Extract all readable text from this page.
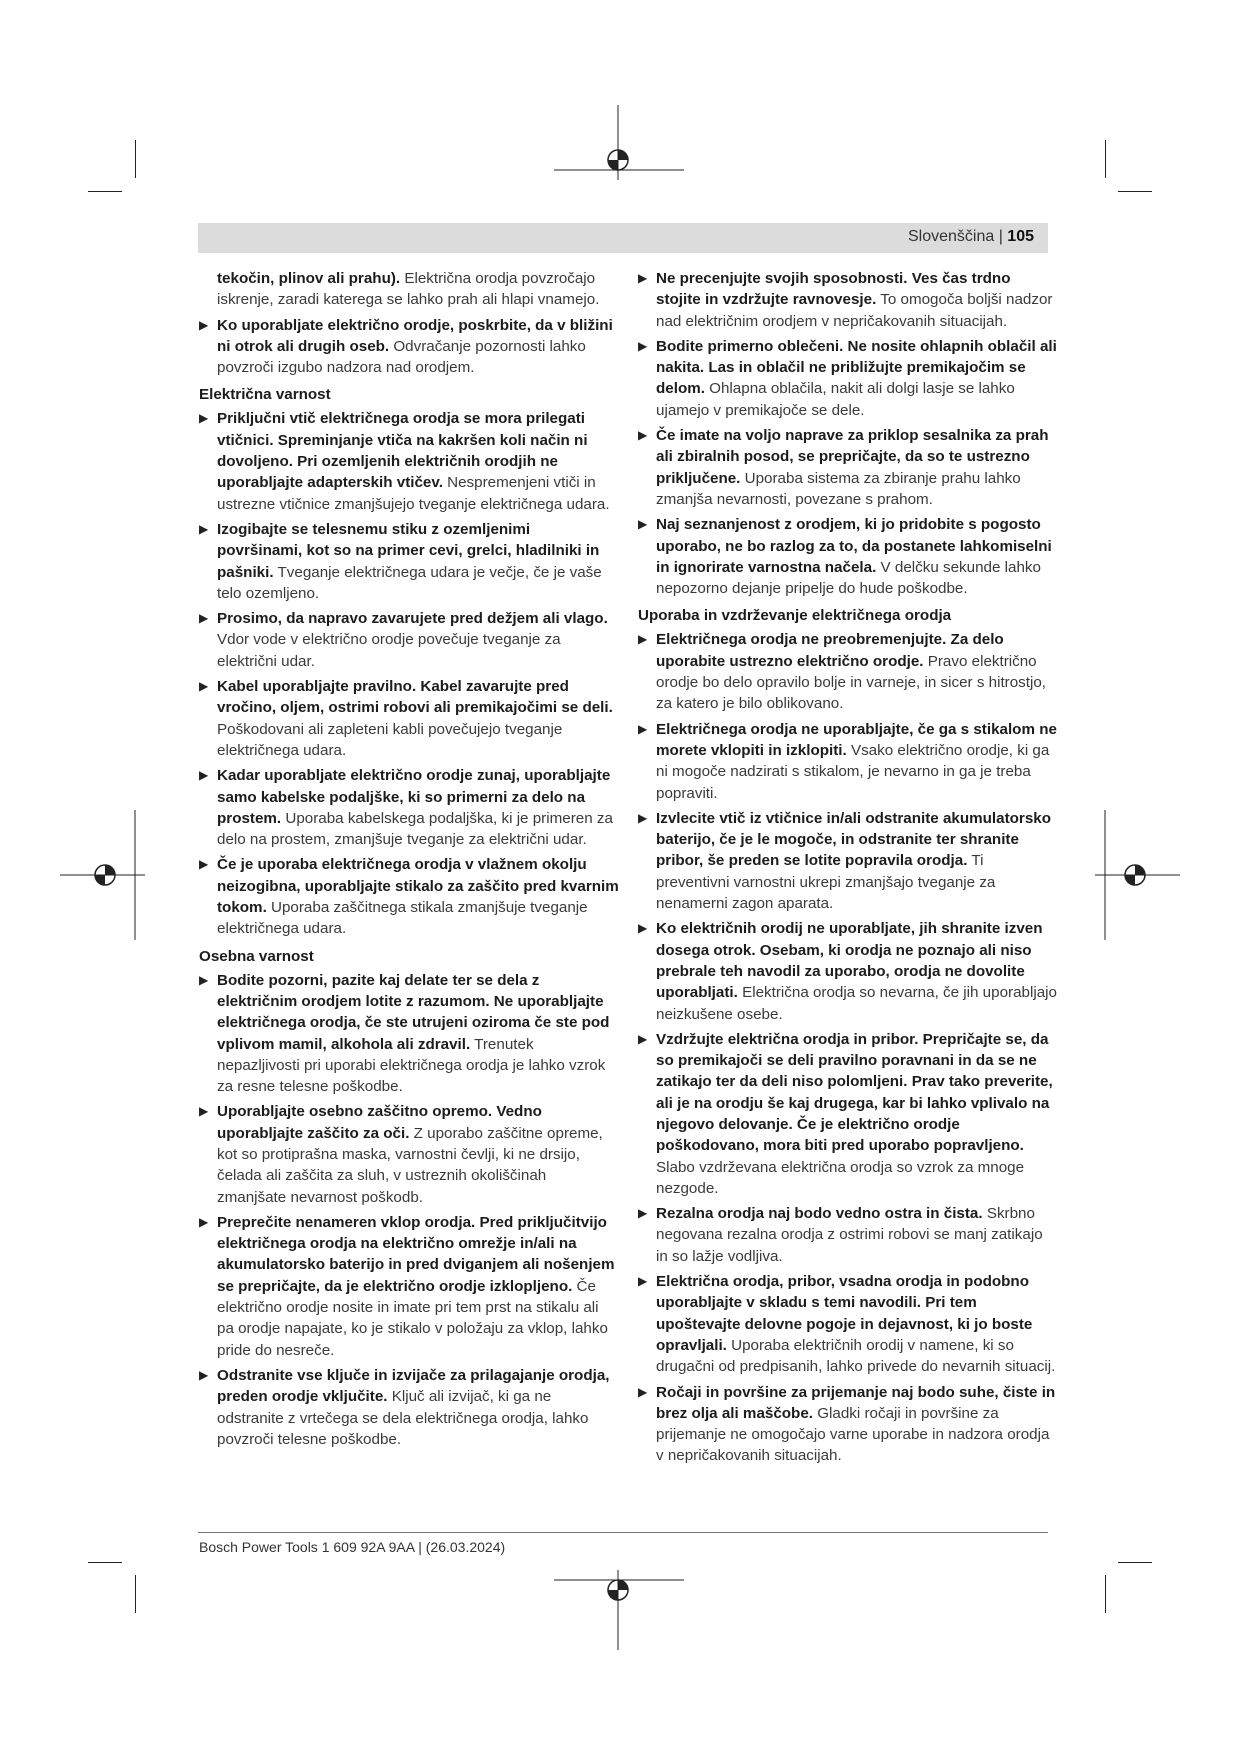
Slovenščina | 105

tekočin, plinov ali prahu). Električna orodja povzročajo iskrenje, zaradi katerega se lahko prah ali hlapi vnamejo.

▶ Ko uporabljate električno orodje, poskrbite, da v bližini ni otrok ali drugih oseb. Odvračanje pozornosti lahko povzroči izgubo nadzora nad orodjem.
Električna varnost
▶ Priključni vtič električnega orodja se mora prilegati vtičnici. Spreminjanje vtiča na kakršen koli način ni dovoljeno. Pri ozemljenih električnih orodjih ne uporabljajte adapterskih vtičev. Nespremenjeni vtiči in ustrezne vtičnice zmanjšujejo tveganje električnega udara.
▶ Izogibajte se telesnemu stiku z ozemljenimi površinami, kot so na primer cevi, grelci, hladilniki in pašniki. Tveganje električnega udara je večje, če je vaše telo ozemljeno.
▶ Prosimo, da napravo zavarujete pred dežjem ali vlago. Vdor vode v električno orodje povečuje tveganje za električni udar.
▶ Kabel uporabljajte pravilno. Kabel zavarujte pred vročino, oljem, ostrimi robovi ali premikajočimi se deli. Poškodovani ali zapleteni kabli povečujejo tveganje električnega udara.
▶ Kadar uporabljate električno orodje zunaj, uporabljajte samo kabelske podaljške, ki so primerni za delo na prostem. Uporaba kabelskega podaljška, ki je primeren za delo na prostem, zmanjšuje tveganje za električni udar.
▶ Če je uporaba električnega orodja v vlažnem okolju neizogibna, uporabljajte stikalo za zaščito pred kvarnim tokom. Uporaba zaščitnega stikala zmanjšuje tveganje električnega udara.
Osebna varnost
▶ Bodite pozorni, pazite kaj delate ter se dela z električnim orodjem lotite z razumom. Ne uporabljajte električnega orodja, če ste utrujeni oziroma če ste pod vplivom mamil, alkohola ali zdravil. Trenutek nepazljivosti pri uporabi električnega orodja je lahko vzrok za resne telesne poškodbe.
▶ Uporabljajte osebno zaščitno opremo. Vedno uporabljajte zaščito za oči. Z uporabo zaščitne opreme, kot so protiprašna maska, varnostni čevlji, ki ne drsijo, čelada ali zaščita za sluh, v ustreznih okoliščinah zmanjšate nevarnost poškodb.
▶ Preprečite nenameren vklop orodja. Pred priključitvijo električnega orodja na električno omrežje in/ali na akumulatorsko baterijo in pred dviganjem ali nošenjem se prepričajte, da je električno orodje izklopljeno. Če električno orodje nosite in imate pri tem prst na stikalu ali pa orodje napajate, ko je stikalo v položaju za vklop, lahko pride do nesreče.
▶ Odstranite vse ključe in izvijače za prilagajanje orodja, preden orodje vključite. Ključ ali izvijač, ki ga ne odstranite z vrtečega se dela električnega orodja, lahko povzroči telesne poškodbe.
▶ Ne precenjujte svojih sposobnosti. Ves čas trdno stojite in vzdržujte ravnovesje. To omogoča boljši nadzor nad električnim orodjem v nepričakovanih situacijah.
▶ Bodite primerno oblečeni. Ne nosite ohlapnih oblačil ali nakita. Las in oblačil ne približujte premikajočim se delom. Ohlapna oblačila, nakit ali dolgi lasje se lahko ujamejo v premikajoče se dele.
▶ Če imate na voljo naprave za priklop sesalnika za prah ali zbiralnih posod, se prepričajte, da so te ustrezno priključene. Uporaba sistema za zbiranje prahu lahko zmanjša nevarnosti, povezane s prahom.
▶ Naj seznanjenost z orodjem, ki jo pridobite s pogosto uporabo, ne bo razlog za to, da postanete lahkomiselni in ignorirate varnostna načela. V delčku sekunde lahko nepozorno dejanje pripelje do hude poškodbe.
Uporaba in vzdrževanje električnega orodja
▶ Električnega orodja ne preobremenjujte. Za delo uporabite ustrezno električno orodje. Pravo električno orodje bo delo opravilo bolje in varneje, in sicer s hitrostjo, za katero je bilo oblikovano.
▶ Električnega orodja ne uporabljajte, če ga s stikalom ne morete vklopiti in izklopiti. Vsako električno orodje, ki ga ni mogoče nadzirati s stikalom, je nevarno in ga je treba popraviti.
▶ Izvlecite vtič iz vtičnice in/ali odstranite akumulatorsko baterijo, če je le mogoče, in odstranite ter shranite pribor, še preden se lotite popravila orodja. Ti preventivni varnostni ukrepi zmanjšajo tveganje za nenamerni zagon aparata.
▶ Ko električnih orodij ne uporabljate, jih shranite izven dosega otrok. Osebam, ki orodja ne poznajo ali niso prebrale teh navodil za uporabo, orodja ne dovolite uporabljati. Električna orodja so nevarna, če jih uporabljajo neizkušene osebe.
▶ Vzdržujte električna orodja in pribor. Prepričajte se, da so premikajoči se deli pravilno poravnani in da se ne zatikajo ter da deli niso polomljeni. Prav tako preverite, ali je na orodju še kaj drugega, kar bi lahko vplivalo na njegovo delovanje. Če je električno orodje poškodovano, mora biti pred uporabo popravljeno. Slabo vzdrževana električna orodja so vzrok za mnoge nezgode.
▶ Rezalna orodja naj bodo vedno ostra in čista. Skrbno negovana rezalna orodja z ostrimi robovi se manj zatikajo in so lažje vodljiva.
▶ Električna orodja, pribor, vsadna orodja in podobno uporabljajte v skladu s temi navodili. Pri tem upoštevajte delovne pogoje in dejavnost, ki jo boste opravljali. Uporaba električnih orodij v namene, ki so drugačni od predpisanih, lahko privede do nevarnih situacij.
▶ Ročaji in površine za prijemanje naj bodo suhe, čiste in brez olja ali maščobe. Gladki ročaji in površine za prijemanje ne omogočajo varne uporabe in nadzora orodja v nepričakovanih situacijah.
Bosch Power Tools 1 609 92A 9AA | (26.03.2024)
